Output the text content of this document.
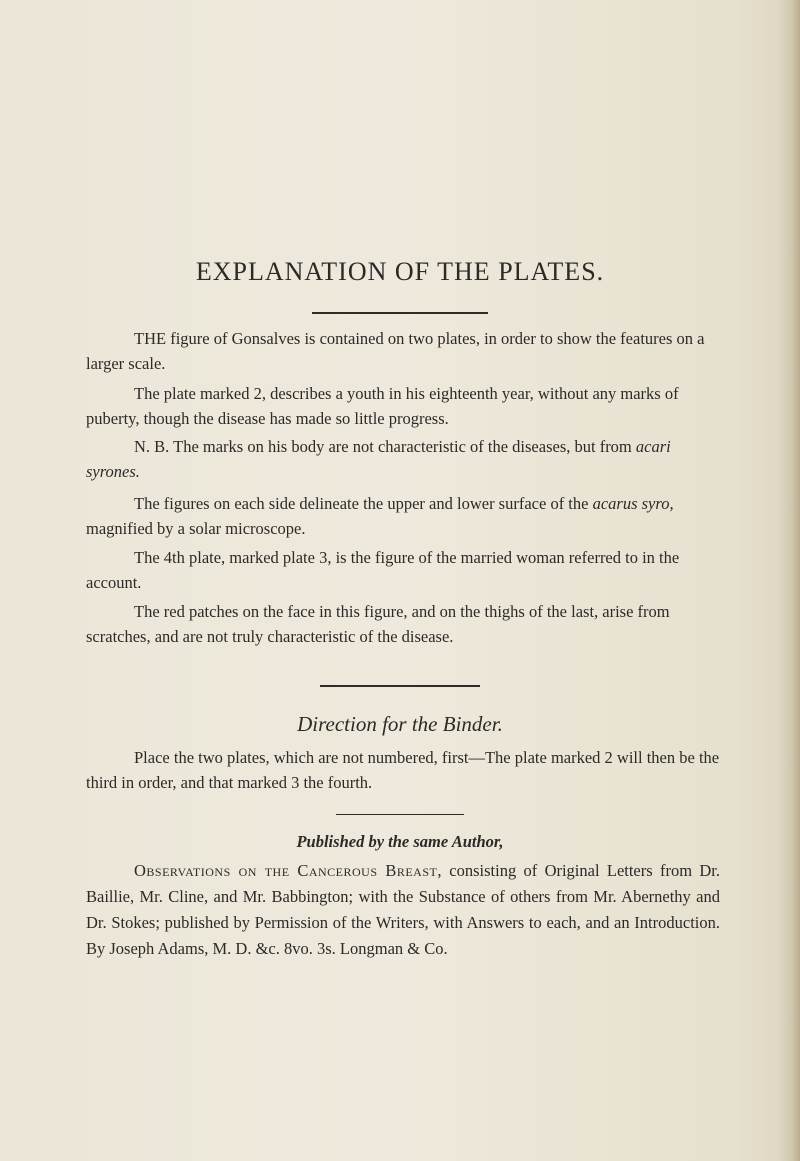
EXPLANATION OF THE PLATES.

THE figure of Gonsalves is contained on two plates, in order to show the features on a larger scale.

The plate marked 2, describes a youth in his eighteenth year, without any marks of puberty, though the disease has made so little progress.

N. B. The marks on his body are not characteristic of the diseases, but from acari syrones.

The figures on each side delineate the upper and lower surface of the acarus syro, magnified by a solar microscope.

The 4th plate, marked plate 3, is the figure of the married woman referred to in the account.

The red patches on the face in this figure, and on the thighs of the last, arise from scratches, and are not truly characteristic of the disease.

Direction for the Binder.

Place the two plates, which are not numbered, first—The plate marked 2 will then be the third in order, and that marked 3 the fourth.

Published by the same Author,

Observations on the Cancerous Breast, consisting of Original Letters from Dr. Baillie, Mr. Cline, and Mr. Babbington; with the Substance of others from Mr. Abernethy and Dr. Stokes; published by Permission of the Writers, with Answers to each, and an Introduction. By Joseph Adams, M. D. &c. 8vo. 3s. Longman & Co.
